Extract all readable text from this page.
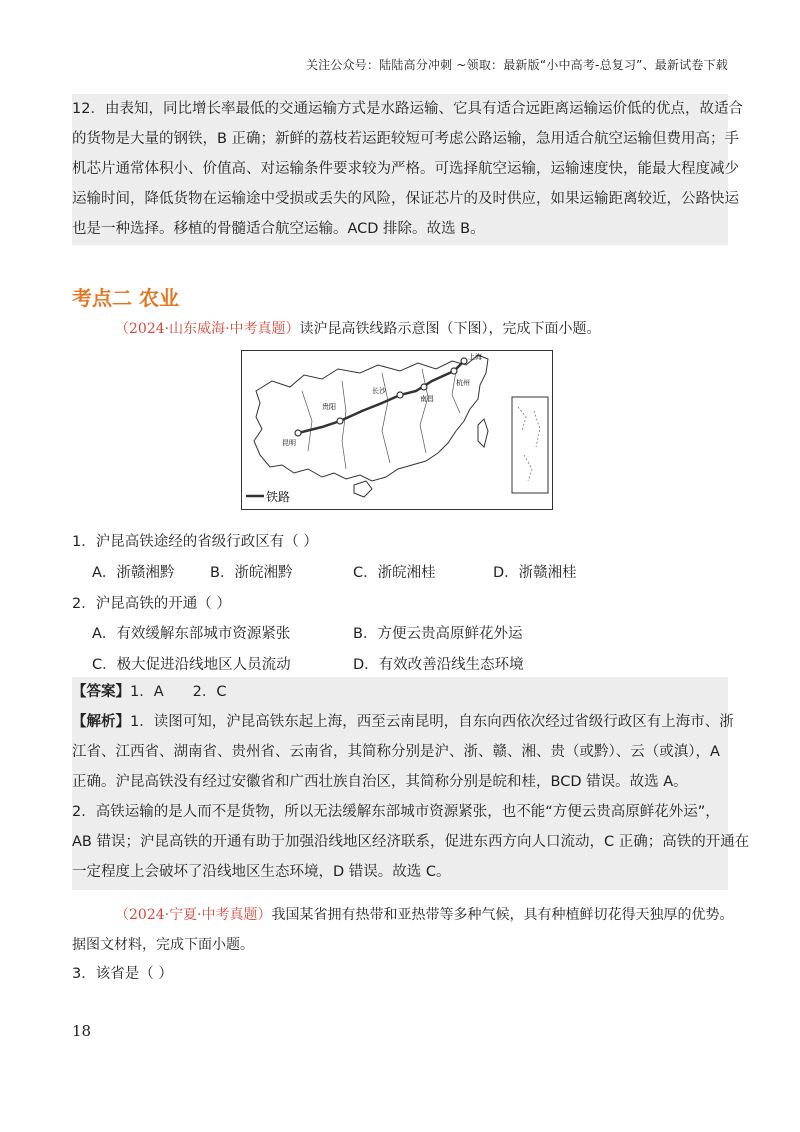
关注公众号：陆陆高分冲刺 ~领取：最新版“小中高考-总复习”、最新试卷下载
12．由表知，同比增长率最低的交通运输方式是水路运输、它具有适合远距离运输运价低的优点，故适合
的货物是大量的钢铁，B 正确；新鲜的荔枝若运距较短可考虑公路运输，急用适合航空运输但费用高；手
机芯片通常体积小、价值高、对运输条件要求较为严格。可选择航空运输，运输速度快，能最大程度减少
运输时间，降低货物在运输途中受损或丢失的风险，保证芯片的及时供应，如果运输距离较近，公路快运
也是一种选择。移植的骨髓适合航空运输。ACD 排除。故选 B。
考点二 农业
（2024·山东威海·中考真题）读沪昆高铁线路示意图（下图），完成下面小题。
上海
杭州
南昌
长沙
贵阳
昆明
铁路
1．沪昆高铁途经的省级行政区有（ ）
A．浙赣湘黔 B．浙皖湘黔	C．浙皖湘桂	D．浙赣湘桂
2．沪昆高铁的开通（ ）
A．有效缓解东部城市资源紧张	B．方便云贵高原鲜花外运
C．极大促进沿线地区人员流动	D．有效改善沿线生态环境
【答案】1．A　　2．C
【解析】1．读图可知，沪昆高铁东起上海，西至云南昆明，自东向西依次经过省级行政区有上海市、浙
江省、江西省、湖南省、贵州省、云南省，其简称分别是沪、浙、赣、湘、贵（或黔）、云（或滇），A
正确。沪昆高铁没有经过安徽省和广西壮族自治区，其简称分别是皖和桂，BCD 错误。故选 A。
2．高铁运输的是人而不是货物，所以无法缓解东部城市资源紧张，也不能“方便云贵高原鲜花外运”，
AB 错误；沪昆高铁的开通有助于加强沿线地区经济联系，促进东西方向人口流动，C 正确；高铁的开通在
一定程度上会破坏了沿线地区生态环境，D 错误。故选 C。
（2024·宁夏·中考真题）我国某省拥有热带和亚热带等多种气候，具有种植鲜切花得天独厚的优势。
据图文材料，完成下面小题。
3．该省是（ ）
18
